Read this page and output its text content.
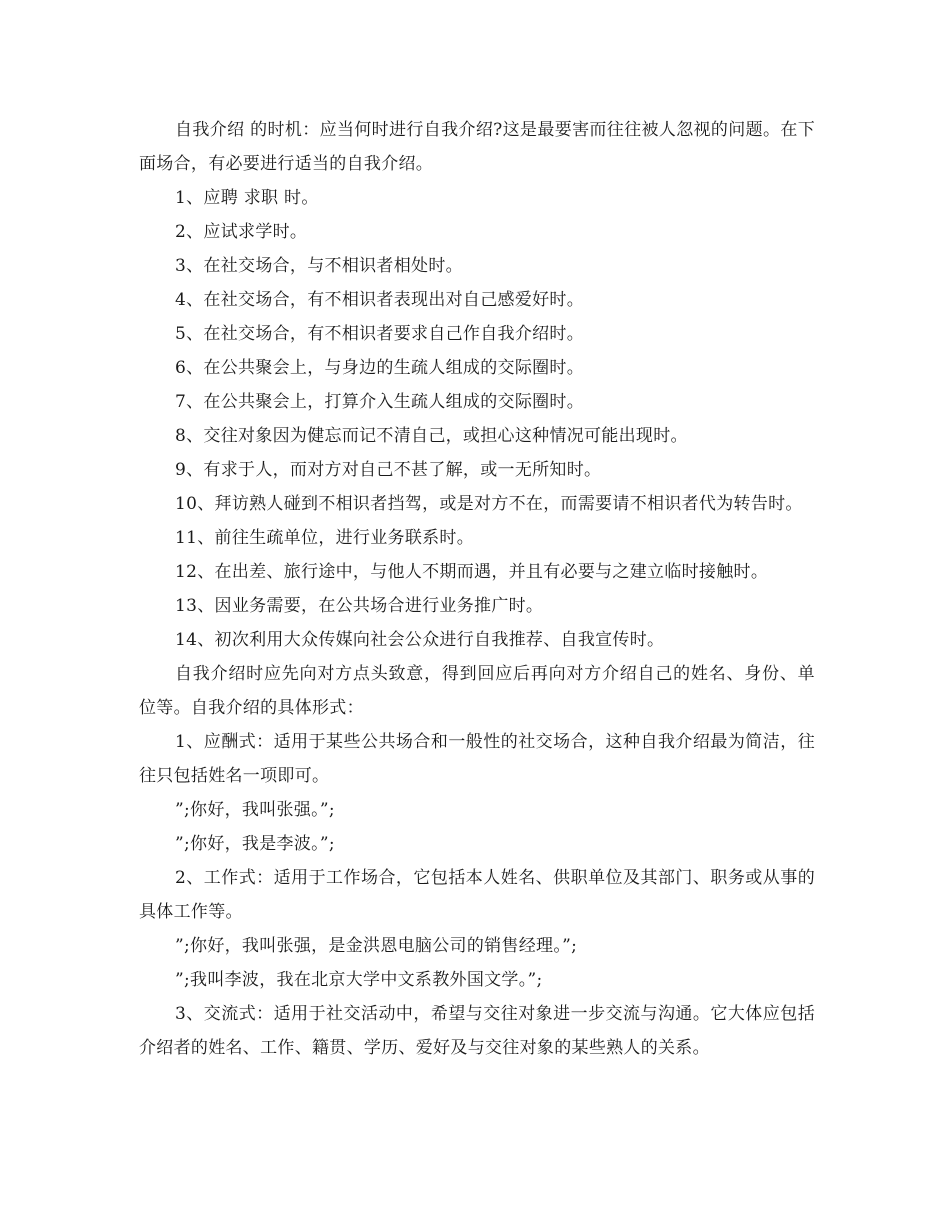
自我介绍 的时机：应当何时进行自我介绍?这是最要害而往往被人忽视的问题。在下面场合，有必要进行适当的自我介绍。

1、应聘 求职 时。

2、应试求学时。

3、在社交场合，与不相识者相处时。

4、在社交场合，有不相识者表现出对自己感爱好时。

5、在社交场合，有不相识者要求自己作自我介绍时。

6、在公共聚会上，与身边的生疏人组成的交际圈时。

7、在公共聚会上，打算介入生疏人组成的交际圈时。

8、交往对象因为健忘而记不清自己，或担心这种情况可能出现时。

9、有求于人，而对方对自己不甚了解，或一无所知时。

10、拜访熟人碰到不相识者挡驾，或是对方不在，而需要请不相识者代为转告时。

11、前往生疏单位，进行业务联系时。

12、在出差、旅行途中，与他人不期而遇，并且有必要与之建立临时接触时。

13、因业务需要，在公共场合进行业务推广时。

14、初次利用大众传媒向社会公众进行自我推荐、自我宣传时。

自我介绍时应先向对方点头致意，得到回应后再向对方介绍自己的姓名、身份、单位等。自我介绍的具体形式：

1、应酬式：适用于某些公共场合和一般性的社交场合，这种自我介绍最为简洁，往往只包括姓名一项即可。

”;你好，我叫张强。”;

”;你好，我是李波。”;

2、工作式：适用于工作场合，它包括本人姓名、供职单位及其部门、职务或从事的具体工作等。

”;你好，我叫张强，是金洪恩电脑公司的销售经理。”;

”;我叫李波，我在北京大学中文系教外国文学。”;

3、交流式：适用于社交活动中，希望与交往对象进一步交流与沟通。它大体应包括介绍者的姓名、工作、籍贯、学历、爱好及与交往对象的某些熟人的关系。
